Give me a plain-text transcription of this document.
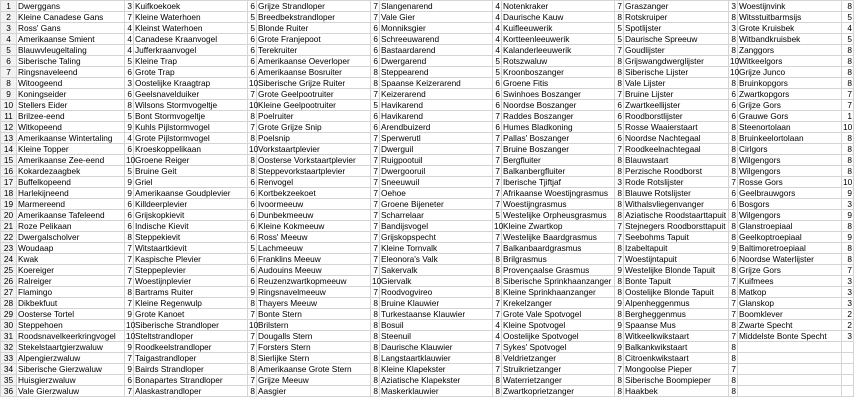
1	Dwerggans	3	Kuifkoekoek	6	Grijze Strandloper	7	Slangenarend	4	Notenkraker	7	Graszanger	3	Woestijnvink	8
2	Kleine Canadese Gans	7	Kleine Waterhoen	5	Breedbekstrandloper	7	Vale Gier	4	Daurische Kauw	8	Rotskruiper	8	Witsstuitbarmsijs	5
3	Ross' Gans	4	Kleinst Waterhoen	5	Blonde Ruiter	6	Monniksgier	4	Kuifleeuwerik	5	Spotlijster	3	Grote Kruisbek	4
4	Amerikaanse Smient	4	Canadese Kraanvogel	6	Grote Franjepoot	6	Schreeuwarend	4	Kortteenleeuwerik	5	Daurische Spreeuw	8	Witbandkruisbek	5
5	Blauwvleugeltaling	4	Jufferkraanvogel	6	Terekruiter	6	Bastaardarend	4	Kalanderleeuwerik	7	Goudlijster	8	Zanggors	8
6	Siberische Taling	5	Kleine Trap	6	Amerikaanse Oeverloper	6	Dwergarend	5	Rotszwaluw	8	Grijswangdwerglijster	10	Witkeelgors	8
7	Ringsnaveleend	6	Grote Trap	6	Amerikaanse Bosruiter	8	Steppearend	5	Kroonboszanger	8	Siberische Lijster	10	Grijze Junco	8
8	Witoogeend	3	Oostelijke Kraagtrap	10	Siberische Grijze Ruiter	8	Spaanse Keizerarend	6	Groene Fitis	8	Vale Lijster	8	Bruinkopgors	8
9	Koningseider	6	Geelsnavelduiker	7	Grote Geelpootruiter	7	Keizerarend	6	Swinhoes Boszanger	7	Bruine Lijster	6	Zwartkopgors	7
10	Stellers Eider	8	Wilsons Stormvogeltje	10	Kleine Geelpootruiter	5	Havikarend	6	Noordse Boszanger	6	Zwartkeellijster	6	Grijze Gors	7
11	Brilzee-eend	5	Bont Stormvogeltje	8	Poelruiter	6	Havikarend	7	Raddes Boszanger	6	Roodborstlijster	6	Grauwe Gors	1
12	Witkopeend	9	Kuhls Pijlstormvogel	7	Grote Grijze Snip	6	Arendbuizerd	6	Humes Bladkoning	5	Rosse Waaierstaart	8	Steenortolaan	10
13	Amerikaanse Wintertaling	4	Grote Pijlstormvogel	8	Poelsnip	7	Sperwerutl	7	Pallas' Boszanger	6	Noordse Nachtegaal	8	Bruinkeelortolaan	8
14	Kleine Topper	6	Kroeskoppelikaan	10	Vorkstaartplevier	7	Dwerguil	7	Bruine Boszanger	7	Roodkeelnachtegaal	8	Cirlgors	8
15	Amerikaanse Zee-eend	10	Groene Reiger	8	Oosterse Vorkstaartplevier	7	Ruigpootuil	7	Bergfluiter	8	Blauwstaart	8	Wilgengors	8
16	Kokardezaagbek	5	Bruine Geit	8	Steppevorkstaartplevier	7	Dwergooruil	7	Balkanbergfluiter	8	Perzische Roodborst	8	Wilgengors	8
17	Buffelkopeend	9	Griel	6	Renvogel	7	Sneeuwuil	7	Iberische Tjiftjaf	3	Rode Rotslijster	7	Rosse Gors	10
18	Harlekijneend	9	Amerikaanse Goudplevier	6	Kortbekzeekoet	7	Oehoe	7	Afrikaanse Woestijngrasmus	8	Blauwe Rotslijster	6	Geelbrauwgors	9
19	Marmereend	6	Killdeerplevier	6	Ivoormeeuw	7	Groene Bijeneter	7	Woestijngrasmus	8	Withalsvliegenvanger	6	Bosgors	3
20	Amerikaanse Tafeleend	6	Grijskopkievit	6	Dunbekmeeuw	7	Scharrelaar	5	Westelijke Orpheusgrasmus	8	Aziatische Roodstaarttapuit	8	Wilgengors	9
21	Roze Pelikaan	6	Indische Kievit	6	Kleine Kokmeeuw	7	Bandijsvogel	10	Kleine Zwartkop	7	Stejnegers Roodborsttapuit	8	Glanstroepiaal	8
22	Dwergalscholver	8	Steppekievit	6	Ross' Meeuw	7	Grijskopspecht	7	Westelijke Baardgrasmus	7	Seebohms Tapuit	8	Geelkoptroepiaal	9
23	Woudaap	7	Witstaartkievit	5	Lachmeeuw	7	Kleine Tornvalk	7	Balkanbaardgrasmus	8	Izabeltapuit	9	Baltimoretroepiaal	8
24	Kwak	7	Kaspische Plevier	6	Franklins Meeuw	7	Eleonora's Valk	8	Brilgrasmus	7	Woestijntapuit	6	Noordse Waterlijster	8
25	Koereiger	7	Steppeplevier	6	Audouins Meeuw	7	Sakervalk	8	Provençaalse Grasmus	9	Westelijke Blonde Tapuit	8	Grijze Gors	7
26	Ralreiger	7	Woestijnplevier	6	Reuzenzwartkopmeeuw	10	Giervalk	8	Siberische Sprinkhaanzanger	8	Bonte Tapuit	7	Kuifmees	3
27	Flamingo	8	Bartrams Ruiter	9	Ringsnavelmeeuw	7	Roodvogvireo	8	Kleine Sprinkhaanzanger	8	Oostelijke Blonde Tapuit	8	Matkop	3
28	Dikbekfuut	7	Kleine Regenwulp	8	Thayers Meeuw	8	Bruine Klauwier	7	Krekelzanger	9	Alpenheggenmus	7	Glanskop	3
29	Oosterse Tortel	9	Grote Kanoet	7	Bonte Stern	8	Turkestaanse Klauwier	7	Grote Vale Spotvogel	8	Bergheggenmus	7	Boomklever	2
30	Steppehoen	10	Siberische Strandloper	10	Brilstern	8	Bosuil	4	Kleine Spotvogel	9	Spaanse Mus	8	Zwarte Specht	2
31	Roodsnavelkeerkringvogel	10	Steltstrandloper	7	Dougalls Stern	8	Steenuil	4	Oostelijke Spotvogel	8	Witkeelkwikstaart	7	Middelste Bonte Specht	3
32	Stekelstaartgierzwaluw	9	Roodkeelstrandloper	7	Forsters Stern	8	Daurische Klauwier	7	Sykes' Spotvogel	9	Balkankwikstaart	8		
33	Alpengierzwaluw	7	Taigastrandloper	8	Sierlijke Stern	8	Langstaartklauwier	8	Veldrietzanger	8	Citroenkwikstaart	8		
34	Siberische Gierzwaluw	9	Bairds Strandloper	8	Amerikaanse Grote Stern	8	Kleine Klapekster	7	Struikrietzanger	7	Mongoolse Pieper	7		
35	Huisgierzwaluw	6	Bonapartes Strandloper	7	Grijze Meeuw	8	Aziatische Klapekster	8	Waterrietzanger	8	Siberische Boompieper	8		
36	Vale Gierzwaluw	7	Alaskastrandloper	8	Aasgier	8	Maskerklauwier	8	Zwartkoprietzanger	8	Haakbek	8		
